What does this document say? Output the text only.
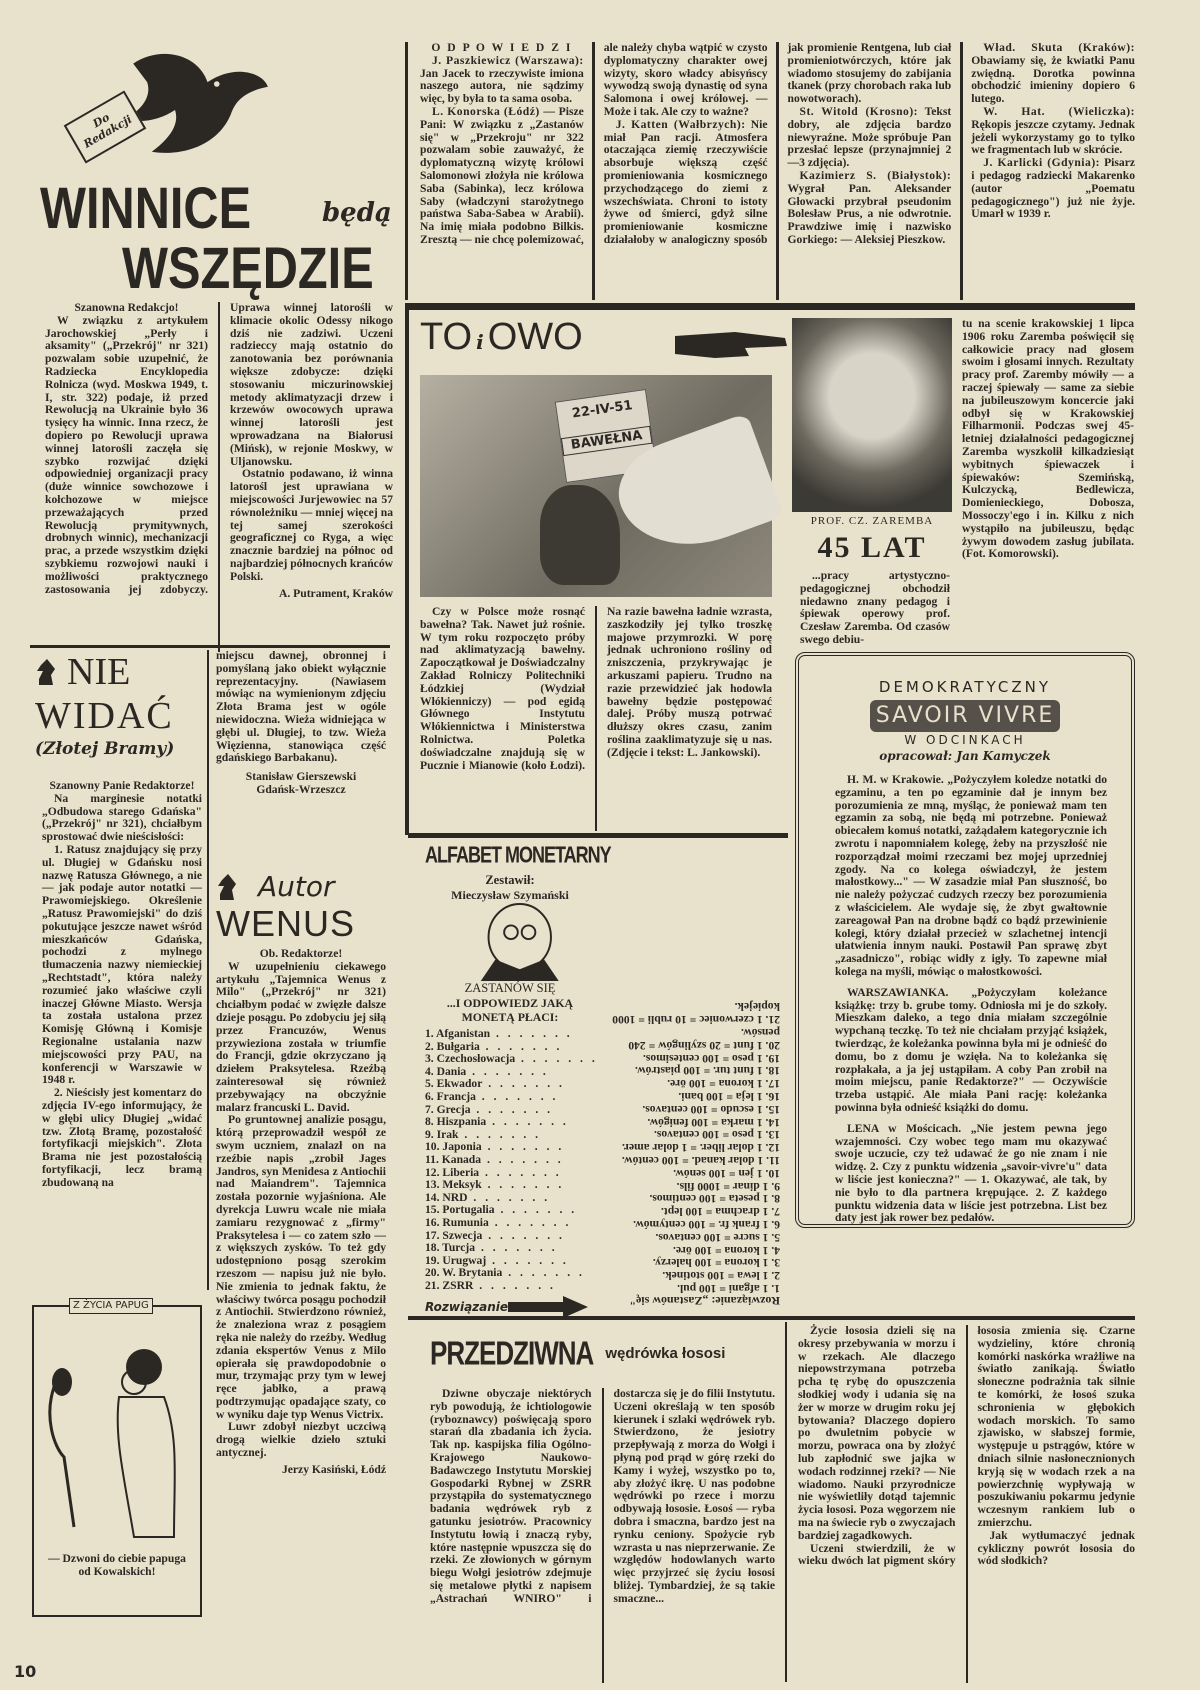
Do Redakcji
WINNICE	będą
WSZĘDZIE

Szanowna Redakcjo!

W związku z artykułem Jarochowskiej „Perły i aksamity" („Przekrój" nr 321) pozwalam sobie uzupełnić, że Radziecka Encyklopedia Rolnicza (wyd. Moskwa 1949, t. I, str. 322) podaje, iż przed Rewolucją na Ukrainie było 36 tysięcy ha winnic. Inna rzecz, że dopiero po Rewolucji uprawa winnej latorośli zaczęła się szybko rozwijać dzięki odpowiedniej organizacji pracy (duże winnice sowchozowe i kołchozowe w miejsce przeważających przed Rewolucją prymitywnych, drobnych winnic), mechanizacji prac, a przede wszystkim dzięki szybkiemu rozwojowi nauki i możliwości praktycznego zastosowania jej zdobyczy. Uprawa winnej latorośli w klimacie okolic Odessy nikogo dziś nie zadziwi. Uczeni radzieccy mają ostatnio do zanotowania bez porównania większe zdobycze: dzięki stosowaniu miczurinowskiej metody aklimatyzacji drzew i krzewów owocowych uprawa winnej latorośli jest wprowadzana na Białorusi (Mińsk), w rejonie Moskwy, w Uljanowsku.

Ostatnio podawano, iż winna latorośl jest uprawiana w miejscowości Jurjewowiec na 57 równoleżniku — mniej więcej na tej samej szerokości geograficznej co Ryga, a więc znacznie bardziej na północ od najbardziej północnych krańców Polski.

A. Putrament, Kraków

O D P O W I E D Z I

J. Paszkiewicz (Warszawa): Jan Jacek to rzeczywiste imiona naszego autora, nie sądzimy więc, by była to ta sama osoba.

L. Konorska (Łódź) — Pisze Pani: W związku z „Zastanów się" w „Przekroju" nr 322 pozwalam sobie zauważyć, że dyplomatyczną wizytę królowi Salomonowi złożyła nie królowa Saba (Sabinka), lecz królowa Saby (władczyni starożytnego państwa Saba-Sabea w Arabii). Na imię miała podobno Bilkis. Zresztą — nie chcę polemizować, ale należy chyba wątpić w czysto dyplomatyczny charakter owej wizyty, skoro władcy abisyńscy wywodzą swoją dynastię od syna Salomona i owej królowej. — Może i tak. Ale czy to ważne?

J. Katten (Wałbrzych): Nie miał Pan racji. Atmosfera otaczająca ziemię rzeczywiście absorbuje większą część promieniowania kosmicznego przychodzącego do ziemi z wszechświata. Chroni to istoty żywe od śmierci, gdyż silne promieniowanie kosmiczne działałoby w analogiczny sposób jak promienie Rentgena, lub ciał promieniotwórczych, które jak wiadomo stosujemy do zabijania tkanek (przy chorobach raka lub nowotworach).

St. Witold (Krosno): Tekst dobry, ale zdjęcia bardzo niewyraźne. Może spróbuje Pan przesłać lepsze (przynajmniej 2—3 zdjęcia).

Kazimierz S. (Białystok): Wygrał Pan. Aleksander Głowacki przybrał pseudonim Bolesław Prus, a nie odwrotnie. Prawdziwe imię i nazwisko Gorkiego: — Aleksiej Pieszkow.

Wład. Skuta (Kraków): Obawiamy się, że kwiatki Panu zwiędną. Dorotka powinna obchodzić imieniny dopiero 6 lutego.

W. Hat. (Wieliczka): Rękopis jeszcze czytamy. Jednak jeżeli wykorzystamy go to tylko we fragmentach lub w skrócie.

J. Karlicki (Gdynia): Pisarz i pedagog radziecki Makarenko (autor „Poematu pedagogicznego") już nie żyje. Umarł w 1939 r.

TO i OWO
22-IV-51
BAWEŁNA

Czy w Polsce może rosnąć bawełna? Tak. Nawet już rośnie. W tym roku rozpoczęto próby nad aklimatyzacją bawełny. Zapoczątkował je Doświadczalny Zakład Rolniczy Politechniki Łódzkiej (Wydział Włókienniczy) — pod egidą Głównego Instytutu Włókiennictwa i Ministerstwa Rolnictwa. Poletka doświadczalne znajdują się w Pucznie i Mianowie (koło Łodzi). Na razie bawełna ładnie wzrasta, zaszkodziły jej tylko troszkę majowe przymrozki. W porę jednak uchroniono rośliny od zniszczenia, przykrywając je arkuszami papieru. Trudno na razie przewidzieć jak hodowla bawełny będzie postępować dalej. Próby muszą potrwać dłuższy okres czasu, zanim roślina zaaklimatyzuje się u nas. (Zdjęcie i tekst: L. Jankowski).

PROF. CZ. ZAREMBA
45 LAT

...pracy artystyczno-pedagogicznej obchodził niedawno znany pedagog i śpiewak operowy prof. Czesław Zaremba. Od czasów swego debiu-

tu na scenie krakowskiej 1 lipca 1906 roku Zaremba poświęcił się całkowicie pracy nad głosem swoim i głosami innych. Rezultaty pracy prof. Zaremby mówiły — a raczej śpiewały — same za siebie na jubileuszowym koncercie jaki odbył się w Krakowskiej Filharmonii. Podczas swej 45-letniej działalności pedagogicznej Zaremba wyszkolił kilkadziesiąt wybitnych śpiewaczek i śpiewaków: Szemińską, Kulczycką, Bedlewicza, Domienieckiego, Dobosza, Mossoczy'ego i in. Kilku z nich wystąpiło na jubileuszu, będąc żywym dowodem zasług jubilata. (Fot. Komorowski).

DEMOKRATYCZNY
SAVOIR VIVRE
W ODCINKACH
opracował: Jan Kamyczek

H. M. w Krakowie. „Pożyczyłem koledze notatki do egzaminu, a ten po egzaminie dał je innym bez porozumienia ze mną, myśląc, że ponieważ mam ten egzamin za sobą, nie będą mi potrzebne. Ponieważ obiecałem komuś notatki, zażądałem kategorycznie ich zwrotu i napomniałem kolegę, żeby na przyszłość nie rozporządzał moimi rzeczami bez mojej uprzedniej zgody. Na co kolega oświadczył, że jestem małostkowy..." — W zasadzie miał Pan słuszność, bo nie należy pożyczać cudzych rzeczy bez porozumienia z właścicielem. Ale wydaje się, że zbyt gwałtownie zareagował Pan na drobne bądź co bądź przewinienie kolegi, który działał przecież w szlachetnej intencji ułatwienia innym nauki. Postawił Pan sprawę zbyt „zasadniczo", robiąc widły z igły. To zapewne miał kolega na myśli, mówiąc o małostkowości.

WARSZAWIANKA. „Pożyczyłam koleżance książkę: trzy b. grube tomy. Odniosła mi je do szkoły. Mieszkam daleko, a tego dnia miałam szczególnie wypchaną teczkę. To też nie chciałam przyjąć książek, twierdząc, że koleżanka powinna była mi je odnieść do domu, bo z domu je wzięła. Na to koleżanka się rozpłakała, a ja jej ustąpiłam. A coby Pan zrobił na moim miejscu, panie Redaktorze?" — Oczywiście trzeba ustąpić. Ale miała Pani rację: koleżanka powinna była odnieść książki do domu.

LENA w Mościcach. „Nie jestem pewna jego wzajemności. Czy wobec tego mam mu okazywać swoje uczucie, czy też udawać że go nie znam i nie widzę. 2. Czy z punktu widzenia „savoir-vivre'u" data w liście jest konieczna?" — 1. Okazywać, ale tak, by nie było to dla partnera krępujące. 2. Z każdego punktu widzenia data w liście jest potrzebna. List bez daty jest jak rower bez pedałów.

NIE
WIDAĆ
(Złotej Bramy)

Szanowny Panie Redaktorze!

Na marginesie notatki „Odbudowa starego Gdańska" („Przekrój" nr 321), chciałbym sprostować dwie nieścisłości:

1. Ratusz znajdujący się przy ul. Długiej w Gdańsku nosi nazwę Ratusza Głównego, a nie — jak podaje autor notatki — Prawomiejskiego. Określenie „Ratusz Prawomiejski" do dziś pokutujące jeszcze nawet wśród mieszkańców Gdańska, pochodzi z mylnego tłumaczenia nazwy niemieckiej „Rechtstadt", która należy rozumieć jako właściwe czyli inaczej Główne Miasto. Wersja ta została ustalona przez Komisję Główną i Komisje Regionalne ustalania nazw miejscowości przy PAU, na konferencji w Warszawie w 1948 r.

2. Nieścisły jest komentarz do zdjęcia IV-ego informujący, że w głębi ulicy Długiej „widać tzw. Złotą Bramę, pozostałość fortyfikacji miejskich". Złota Brama nie jest pozostałością fortyfikacji, lecz bramą zbudowaną na

miejscu dawnej, obronnej i pomyślaną jako obiekt wyłącznie reprezentacyjny. (Nawiasem mówiąc na wymienionym zdjęciu Złota Brama jest w ogóle niewidoczna. Wieża widniejąca w głębi ul. Długiej, to tzw. Wieża Więzienna, stanowiąca część gdańskiego Barbakanu).

Stanisław Gierszewski

Gdańsk-Wrzeszcz

Autor
WENUS

Ob. Redaktorze!

W uzupełnieniu ciekawego artykułu „Tajemnica Wenus z Milo" („Przekrój" nr 321) chciałbym podać w zwięzłe dalsze dzieje posągu. Po zdobyciu jej siłą przez Francuzów, Wenus przywieziona została w triumfie do Francji, gdzie okrzyczano ją dziełem Praksytelesa. Rzeźbą zainteresował się również przebywający na obczyźnie malarz francuski L. David.

Po gruntownej analizie posągu, którą przeprowadził wespół ze swym uczniem, znalazł on na rzeźbie napis „zrobił Jages Jandros, syn Menidesa z Antiochii nad Maiandrem". Tajemnica została pozornie wyjaśniona. Ale dyrekcja Luwru wcale nie miała zamiaru rezygnować z „firmy" Praksytelesa i — co zatem szło — z większych zysków. To też gdy udostępniono posąg szerokim rzeszom — napisu już nie było. Nie zmienia to jednak faktu, że właściwy twórca posągu pochodził z Antiochii. Stwierdzono również, że znaleziona wraz z posągiem ręka nie należy do rzeźby. Według zdania ekspertów Venus z Milo opierała się prawdopodobnie o mur, trzymając przy tym w lewej ręce jabłko, a prawą podtrzymując opadające szaty, co w wyniku daje typ Wenus Victrix.

Luwr zdobył niezbyt uczciwą drogą wielkie dzieło sztuki antycznej.

Jerzy Kasiński, Łódź

Z ŻYCIA PAPUG
— Dzwoni do ciebie papuga od Kowalskich!
ALFABET MONETARNY
Zestawił:
Mieczysław Szymański
ZASTANÓW SIĘ
...I ODPOWIEDZ JAKĄ MONETĄ PŁACI:
1. Afganistan . . . . . . .
2. Bułgaria . . . . . . .
3. Czechosłowacja . . . . . . .
4. Dania . . . . . . .
5. Ekwador . . . . . . .
6. Francja . . . . . . .
7. Grecja . . . . . . .
8. Hiszpania . . . . . . .
9. Irak . . . . . . .
10. Japonia . . . . . . .
11. Kanada . . . . . . .
12. Liberia . . . . . . .
13. Meksyk . . . . . . .
14. NRD . . . . . . .
15. Portugalia . . . . . . .
16. Rumunia . . . . . . .
17. Szwecja . . . . . . .
18. Turcja . . . . . . .
19. Urugwaj . . . . . . .
20. W. Brytania . . . . . . .
21. ZSRR . . . . . . .
Rozwiązanie	Rozwiązanie: „Zastanów się"
1. 1 afgani = 100 pul.
2. 1 lewa = 100 stotinek.
3. 1 korona = 100 halerzy.
4. 1 korona = 100 öre.
5. 1 sucre = 100 centavos.
6. 1 frank fr. = 100 centymów.
7. 1 drachma = 100 lept.
8. 1 peseta = 100 centimos.
9. 1 dinar = 1000 fils.
10. 1 jen = 100 senów.
11. 1 dolar kanad. = 100 centów.
12. 1 dolar liber. = 1 dolar amer.
13. 1 peso = 100 centavos.
14. 1 marka = 100 fenigów.
15. 1 escudo = 100 centavos.
16. 1 leja = 100 bani.
17. 1 korona = 100 öre.
18. 1 funt tur. = 100 piastrów.
19. 1 peso = 100 centesimos.
20. 1 funt = 20 szylingów = 240 pensów.
21. 1 czerwoniec = 10 rubli = 1000 kopiejek.
PRZEDZIWNA wędrówka łososi

Dziwne obyczaje niektórych ryb powodują, że ichtiologowie (ryboznawcy) poświęcają sporo starań dla zbadania ich życia. Tak np. kaspijska filia Ogólno-Krajowego Naukowo-Badawczego Instytutu Morskiej Gospodarki Rybnej w ZSRR przystąpiła do systematycznego badania wędrówek ryb z gatunku jesiotrów. Pracownicy Instytutu łowią i znaczą ryby, które następnie wpuszcza się do rzeki. Ze złowionych w górnym biegu Wołgi jesiotrów zdejmuje się metalowe płytki z napisem „Astrachań WNIRO" i dostarcza się je do filii Instytutu. Uczeni określają w ten sposób kierunek i szlaki wędrówek ryb. Stwierdzono, że jesiotry przepływają z morza do Wołgi i płyną pod prąd w górę rzeki do Kamy i wyżej, wszystko po to, aby złożyć ikrę. U nas podobne wędrówki po rzece i morzu odbywają łososie. Łosoś — ryba dobra i smaczna, bardzo jest na rynku ceniony. Spożycie ryb wzrasta u nas nieprzerwanie. Ze względów hodowlanych warto więc przyjrzeć się życiu łososi bliżej. Tymbardziej, że są takie smaczne...

Życie łososia dzieli się na okresy przebywania w morzu i w rzekach. Ale dlaczego niepowstrzymana potrzeba pcha tę rybę do opuszczenia słodkiej wody i udania się na żer w morze w drugim roku jej bytowania? Dlaczego dopiero po dwuletnim pobycie w morzu, powraca ona by złożyć lub zapłodnić swe jajka w wodach rodzinnej rzeki? — Nie wiadomo. Nauki przyrodnicze nie wyświetliły dotąd tajemnic życia łososi. Poza węgorzem nie ma na świecie ryb o zwyczajach bardziej zagadkowych.

Uczeni stwierdzili, że w wieku dwóch lat pigment skóry łososia zmienia się. Czarne wydzieliny, które chronią komórki naskórka wrażliwe na światło zanikają. Światło słoneczne podrażnia tak silnie te komórki, że łosoś szuka schronienia w głębokich wodach morskich. To samo zjawisko, w słabszej formie, występuje u pstrągów, które w dniach silnie nasłonecznionych kryją się w wodach rzek a na powierzchnię wypływają w poszukiwaniu pokarmu jedynie wczesnym rankiem lub o zmierzchu.

Jak wytłumaczyć jednak cykliczny powrót łososia do wód słodkich?

10
